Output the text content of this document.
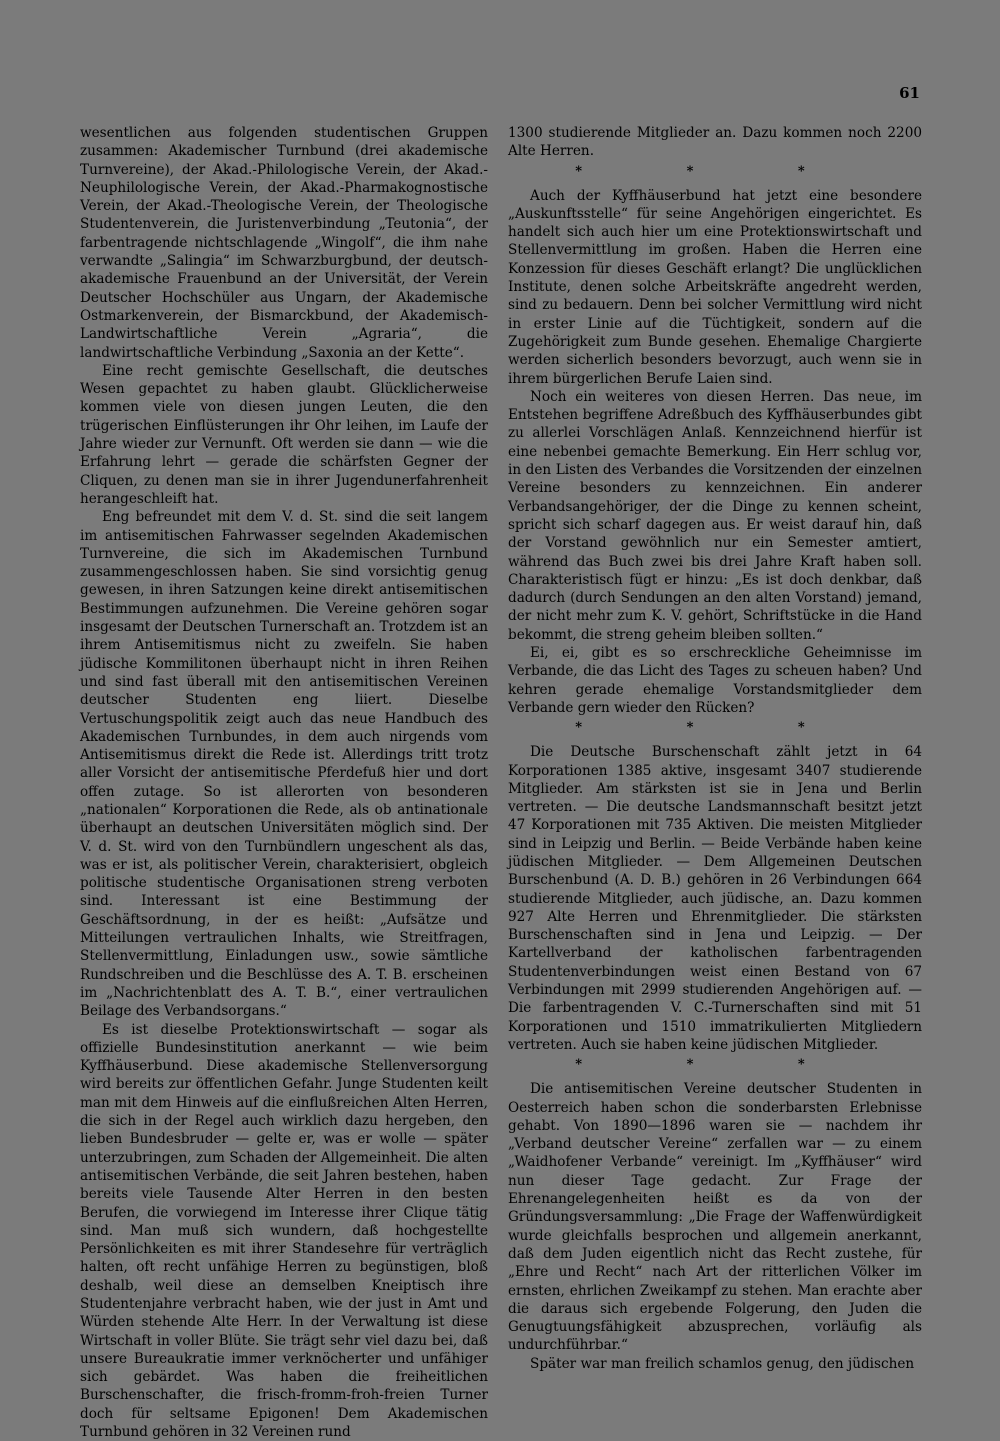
61

wesentlichen aus folgenden studentischen Gruppen zusammen: Akademischer Turnbund (drei akademische Turnvereine), der Akad.-Philologische Verein, der Akad.-Neuphilologische Verein, der Akad.-Pharmakognostische Verein, der Akad.-Theologische Verein, der Theologische Studentenverein, die Juristenverbindung „Teutonia“, der farbentragende nichtschlagende „Wingolf“, die ihm nahe verwandte „Salingia“ im Schwarzburgbund, der deutsch-akademische Frauenbund an der Universität, der Verein Deutscher Hochschüler aus Ungarn, der Akademische Ostmarkenverein, der Bismarckbund, der Akademisch-Landwirtschaftliche Verein „Agraria“, die landwirtschaftliche Verbindung „Saxonia an der Kette“.

Eine recht gemischte Gesellschaft, die deutsches Wesen gepachtet zu haben glaubt. Glücklicherweise kommen viele von diesen jungen Leuten, die den trügerischen Einflüsterungen ihr Ohr leihen, im Laufe der Jahre wieder zur Vernunft. Oft werden sie dann — wie die Erfahrung lehrt — gerade die schärfsten Gegner der Cliquen, zu denen man sie in ihrer Jugendunerfahrenheit herangeschleift hat.

Eng befreundet mit dem V. d. St. sind die seit langem im antisemitischen Fahrwasser segelnden Akademischen Turnvereine, die sich im Akademischen Turnbund zusammengeschlossen haben. Sie sind vorsichtig genug gewesen, in ihren Satzungen keine direkt antisemitischen Bestimmungen aufzunehmen. Die Vereine gehören sogar insgesamt der Deutschen Turnerschaft an. Trotzdem ist an ihrem Antisemitismus nicht zu zweifeln. Sie haben jüdische Kommilitonen überhaupt nicht in ihren Reihen und sind fast überall mit den antisemitischen Vereinen deutscher Studenten eng liiert. Dieselbe Vertuschungspolitik zeigt auch das neue Handbuch des Akademischen Turnbundes, in dem auch nirgends vom Antisemitismus direkt die Rede ist. Allerdings tritt trotz aller Vorsicht der antisemitische Pferdefuß hier und dort offen zutage. So ist allerorten von besonderen „nationalen“ Korporationen die Rede, als ob antinationale überhaupt an deutschen Universitäten möglich sind. Der V. d. St. wird von den Turnbündlern ungeschent als das, was er ist, als politischer Verein, charakterisiert, obgleich politische studentische Organisationen streng verboten sind. Interessant ist eine Bestimmung der Geschäftsordnung, in der es heißt: „Aufsätze und Mitteilungen vertraulichen Inhalts, wie Streitfragen, Stellenvermittlung, Einladungen usw., sowie sämtliche Rundschreiben und die Beschlüsse des A. T. B. erscheinen im „Nachrichtenblatt des A. T. B.“, einer vertraulichen Beilage des Verbandsorgans.“

Es ist dieselbe Protektionswirtschaft — sogar als offizielle Bundesinstitution anerkannt — wie beim Kyffhäuserbund. Diese akademische Stellenversorgung wird bereits zur öffentlichen Gefahr. Junge Studenten keilt man mit dem Hinweis auf die einflußreichen Alten Herren, die sich in der Regel auch wirklich dazu hergeben, den lieben Bundesbruder — gelte er, was er wolle — später unterzubringen, zum Schaden der Allgemeinheit. Die alten antisemitischen Verbände, die seit Jahren bestehen, haben bereits viele Tausende Alter Herren in den besten Berufen, die vorwiegend im Interesse ihrer Clique tätig sind. Man muß sich wundern, daß hochgestellte Persönlichkeiten es mit ihrer Standesehre für verträglich halten, oft recht unfähige Herren zu begünstigen, bloß deshalb, weil diese an demselben Kneiptisch ihre Studentenjahre verbracht haben, wie der just in Amt und Würden stehende Alte Herr. In der Verwaltung ist diese Wirtschaft in voller Blüte. Sie trägt sehr viel dazu bei, daß unsere Bureaukratie immer verknöcherter und unfähiger sich gebärdet. Was haben die freiheitlichen Burschenschafter, die frisch-fromm-froh-freien Turner doch für seltsame Epigonen! Dem Akademischen Turnbund gehören in 32 Vereinen rund

1300 studierende Mitglieder an. Dazu kommen noch 2200 Alte Herren.

* * *

Auch der Kyffhäuserbund hat jetzt eine besondere „Auskunftsstelle“ für seine Angehörigen eingerichtet. Es handelt sich auch hier um eine Protektionswirtschaft und Stellenvermittlung im großen. Haben die Herren eine Konzession für dieses Geschäft erlangt? Die unglücklichen Institute, denen solche Arbeitskräfte angedreht werden, sind zu bedauern. Denn bei solcher Vermittlung wird nicht in erster Linie auf die Tüchtigkeit, sondern auf die Zugehörigkeit zum Bunde gesehen. Ehemalige Chargierte werden sicherlich besonders bevorzugt, auch wenn sie in ihrem bürgerlichen Berufe Laien sind.

Noch ein weiteres von diesen Herren. Das neue, im Entstehen begriffene Adreßbuch des Kyffhäuserbundes gibt zu allerlei Vorschlägen Anlaß. Kennzeichnend hierfür ist eine nebenbei gemachte Bemerkung. Ein Herr schlug vor, in den Listen des Verbandes die Vorsitzenden der einzelnen Vereine besonders zu kennzeichnen. Ein anderer Verbandsangehöriger, der die Dinge zu kennen scheint, spricht sich scharf dagegen aus. Er weist darauf hin, daß der Vorstand gewöhnlich nur ein Semester amtiert, während das Buch zwei bis drei Jahre Kraft haben soll. Charakteristisch fügt er hinzu: „Es ist doch denkbar, daß dadurch (durch Sendungen an den alten Vorstand) jemand, der nicht mehr zum K. V. gehört, Schriftstücke in die Hand bekommt, die streng geheim bleiben sollten.“

Ei, ei, gibt es so erschreckliche Geheimnisse im Verbande, die das Licht des Tages zu scheuen haben? Und kehren gerade ehemalige Vorstandsmitglieder dem Verbande gern wieder den Rücken?

* * *

Die Deutsche Burschenschaft zählt jetzt in 64 Korporationen 1385 aktive, insgesamt 3407 studierende Mitglieder. Am stärksten ist sie in Jena und Berlin vertreten. — Die deutsche Landsmannschaft besitzt jetzt 47 Korporationen mit 735 Aktiven. Die meisten Mitglieder sind in Leipzig und Berlin. — Beide Verbände haben keine jüdischen Mitglieder. — Dem Allgemeinen Deutschen Burschenbund (A. D. B.) gehören in 26 Verbindungen 664 studierende Mitglieder, auch jüdische, an. Dazu kommen 927 Alte Herren und Ehrenmitglieder. Die stärksten Burschenschaften sind in Jena und Leipzig. — Der Kartellverband der katholischen farbentragenden Studentenverbindungen weist einen Bestand von 67 Verbindungen mit 2999 studierenden Angehörigen auf. — Die farbentragenden V. C.-Turnerschaften sind mit 51 Korporationen und 1510 immatrikulierten Mitgliedern vertreten. Auch sie haben keine jüdischen Mitglieder.

* * *

Die antisemitischen Vereine deutscher Studenten in Oesterreich haben schon die sonderbarsten Erlebnisse gehabt. Von 1890—1896 waren sie — nachdem ihr „Verband deutscher Vereine“ zerfallen war — zu einem „Waidhofener Verbande“ vereinigt. Im „Kyffhäuser“ wird nun dieser Tage gedacht. Zur Frage der Ehrenangelegenheiten heißt es da von der Gründungsversammlung: „Die Frage der Waffenwürdigkeit wurde gleichfalls besprochen und allgemein anerkannt, daß dem Juden eigentlich nicht das Recht zustehe, für „Ehre und Recht“ nach Art der ritterlichen Völker im ernsten, ehrlichen Zweikampf zu stehen. Man erachte aber die daraus sich ergebende Folgerung, den Juden die Genugtuungsfähigkeit abzusprechen, vorläufig als undurchführbar.“

Später war man freilich schamlos genug, den jüdischen
